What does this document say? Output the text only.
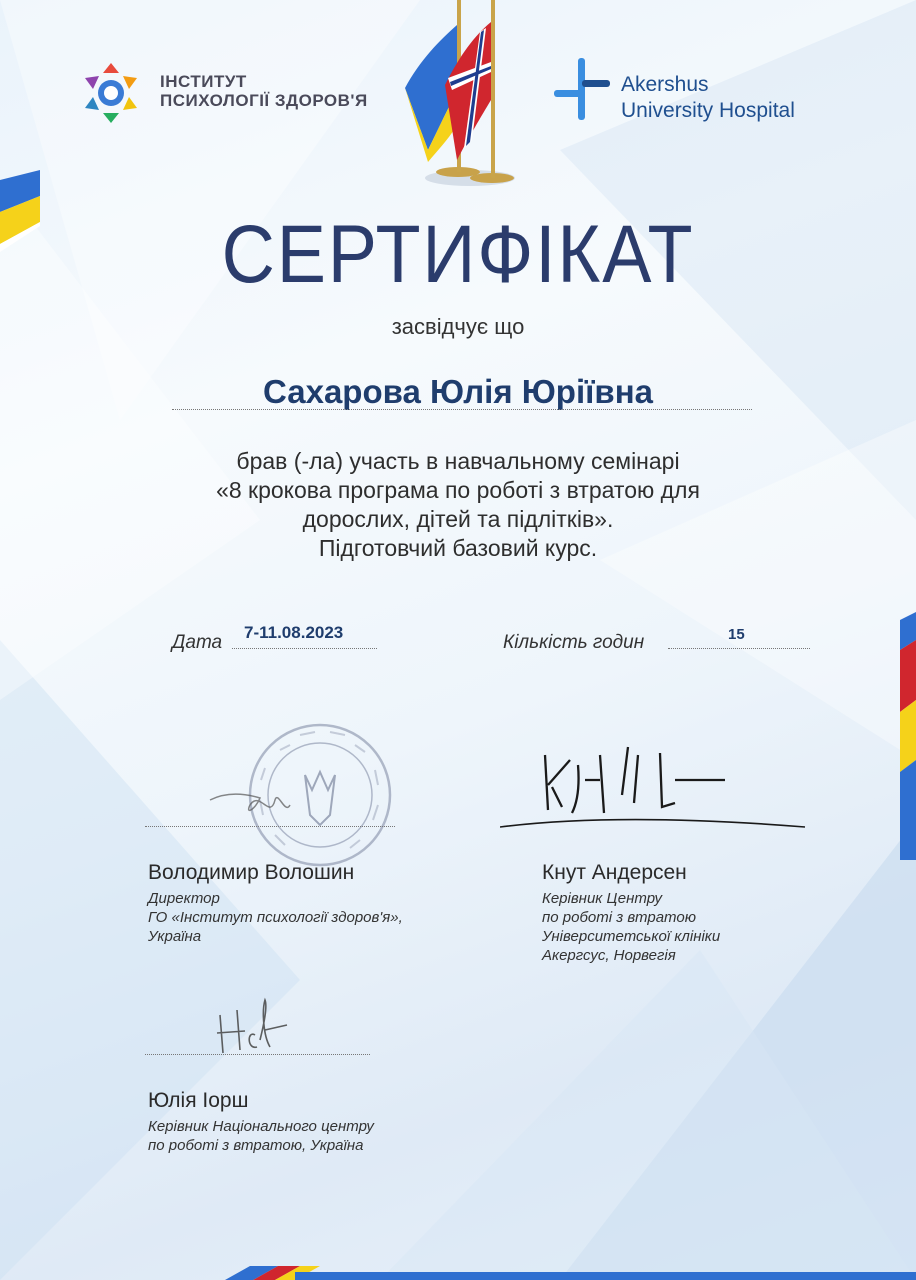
ІНСТИТУТ
ПСИХОЛОГІЇ ЗДОРОВ'Я
Akershus
University Hospital
СЕРТИФІКАТ
засвідчує що
Сахарова Юлія Юріївна
брав (-ла) участь в навчальному семінарі
«8 крокова програма по роботі з втратою для
дорослих, дітей та підлітків».
Підготовчий базовий курс.
Дата 7-11.08.2023	Кількість годин	15
Володимир Волошин
Директор
ГО «Інститут психології здоров'я»,
Україна
Кнут Андерсен
Керівник Центру
по роботі з втратою
Університетської клініки
Акергсус, Норвегія
Юлія Іорш
Керівник Національного центру
по роботі з втратою, Україна
